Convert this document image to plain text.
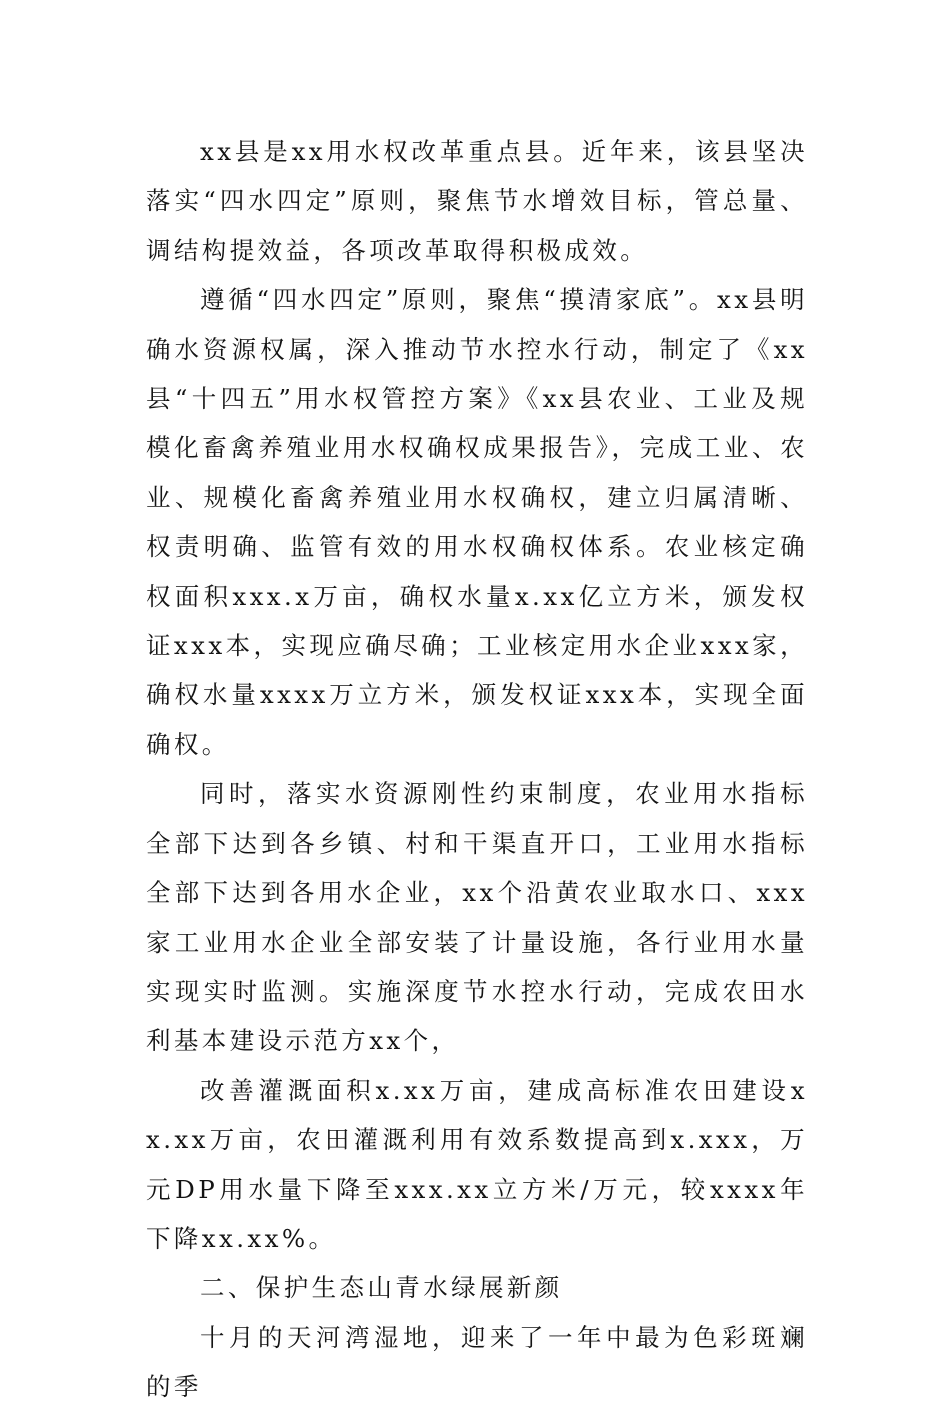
xx县是xx用水权改革重点县。近年来，该县坚决落实“四水四定”原则，聚焦节水增效目标，管总量、调结构提效益，各项改革取得积极成效。

遵循“四水四定”原则，聚焦“摸清家底”。xx县明确水资源权属，深入推动节水控水行动，制定了《xx县“十四五”用水权管控方案》《xx县农业、工业及规模化畜禽养殖业用水权确权成果报告》，完成工业、农业、规模化畜禽养殖业用水权确权，建立归属清晰、权责明确、监管有效的用水权确权体系。农业核定确权面积xxx.x万亩，确权水量x.xx亿立方米，颁发权证xxx本，实现应确尽确；工业核定用水企业xxx家，确权水量xxxx万立方米，颁发权证xxx本，实现全面确权。

同时，落实水资源刚性约束制度，农业用水指标全部下达到各乡镇、村和干渠直开口，工业用水指标全部下达到各用水企业，xx个沿黄农业取水口、xxx家工业用水企业全部安装了计量设施，各行业用水量实现实时监测。实施深度节水控水行动，完成农田水利基本建设示范方xx个，

改善灌溉面积x.xx万亩，建成高标准农田建设xx.xx万亩，农田灌溉利用有效系数提高到x.xxx，万元DP用水量下降至xxx.xx立方米/万元，较xxxx年下降xx.xx%。

二、保护生态山青水绿展新颜

十月的天河湾湿地，迎来了一年中最为色彩斑斓的季
